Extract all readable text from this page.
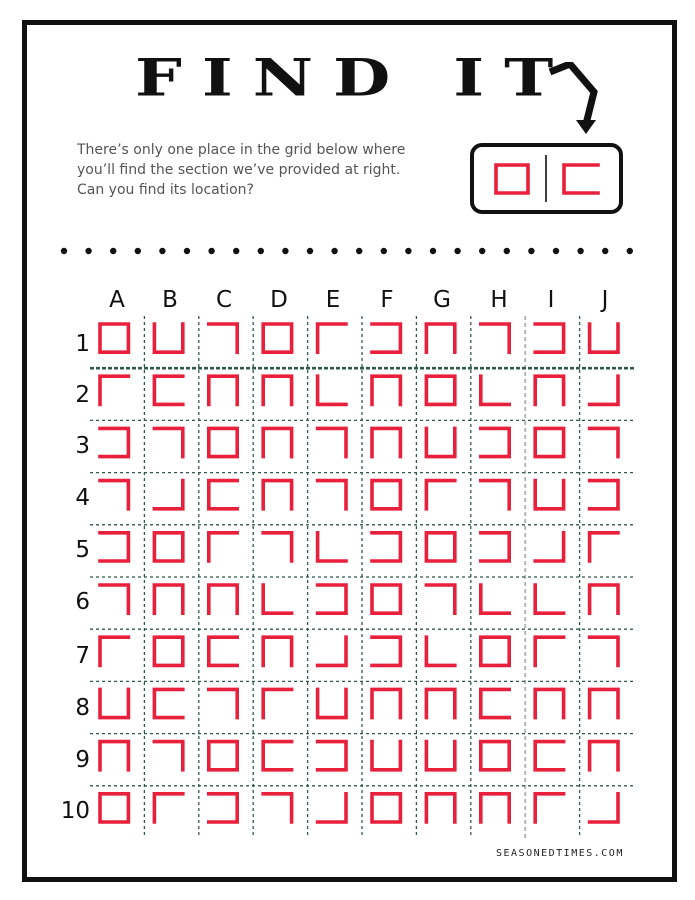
FIND IT
There’s only one place in the grid below where
you’ll find the section we’ve provided at right.
Can you find its location?
A	B	C	D	E	F	G	H	I	J
1
2
3
4
5
6
7
8
9
10
SEASONEDTIMES.COM
